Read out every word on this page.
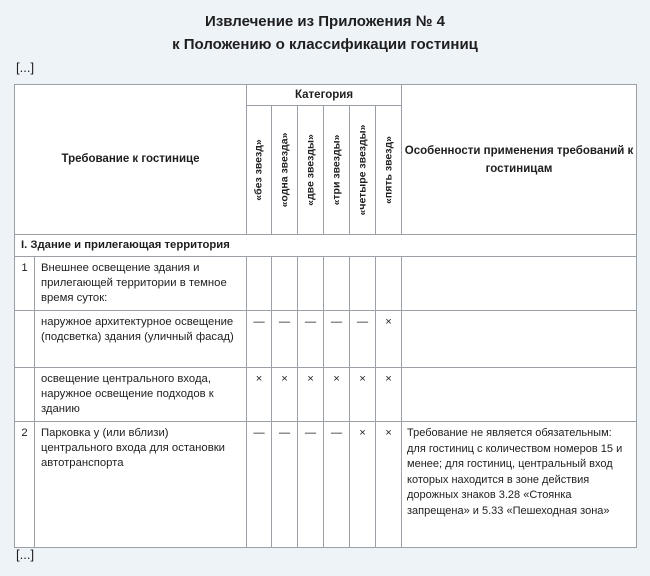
Извлечение из Приложения № 4
к Положению о классификации гостиниц
[...]
Требование к гостинице		Категория						Особенности применения требований к гостиницам

		«без звезд»	«одна звезда»	«две звезды»	«три звезды»	«четыре звезды»	«пять звезд»	

I. Здание и прилегающая территория								
1	Внешнее освещение здания и прилегающей территории в темное время суток:							
	наружное архитектурное освещение (подсветка) здания (уличный фасад)	—	—	—	—	—	×	
	освещение центрального входа, наружное освещение подходов к зданию	×	×	×	×	×	×	
2	Парковка у (или вблизи) центрального входа для остановки автотранспорта	—	—	—	—	×	×	Требование не является обязательным: для гостиниц с количеством номеров 15 и менее; для гостиниц, центральный вход которых находится в зоне действия дорожных знаков 3.28 «Стоянка запрещена» и 5.33 «Пешеходная зона»
[...]
